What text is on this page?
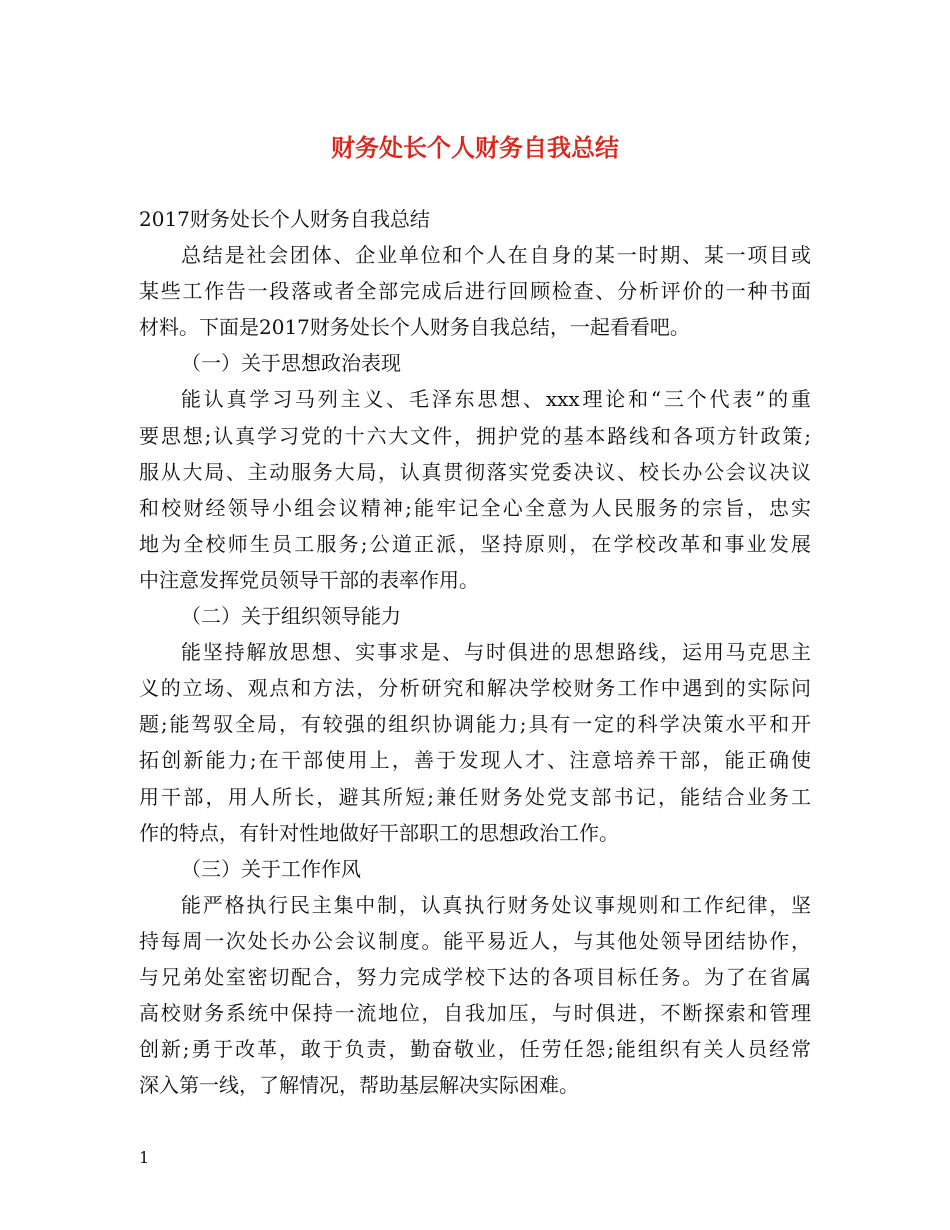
财务处长个人财务自我总结
2017财务处长个人财务自我总结
总结是社会团体、企业单位和个人在自身的某一时期、某一项目或
某些工作告一段落或者全部完成后进行回顾检查、分析评价的一种书面
材料。下面是2017财务处长个人财务自我总结，一起看看吧。
（一）关于思想政治表现
能认真学习马列主义、毛泽东思想、xxx理论和“三个代表”的重
要思想;认真学习党的十六大文件，拥护党的基本路线和各项方针政策;
服从大局、主动服务大局，认真贯彻落实党委决议、校长办公会议决议
和校财经领导小组会议精神;能牢记全心全意为人民服务的宗旨，忠实
地为全校师生员工服务;公道正派，坚持原则，在学校改革和事业发展
中注意发挥党员领导干部的表率作用。
（二）关于组织领导能力
能坚持解放思想、实事求是、与时俱进的思想路线，运用马克思主
义的立场、观点和方法，分析研究和解决学校财务工作中遇到的实际问
题;能驾驭全局，有较强的组织协调能力;具有一定的科学决策水平和开
拓创新能力;在干部使用上，善于发现人才、注意培养干部，能正确使
用干部，用人所长，避其所短;兼任财务处党支部书记，能结合业务工
作的特点，有针对性地做好干部职工的思想政治工作。
（三）关于工作作风
能严格执行民主集中制，认真执行财务处议事规则和工作纪律，坚
持每周一次处长办公会议制度。能平易近人，与其他处领导团结协作，
与兄弟处室密切配合，努力完成学校下达的各项目标任务。为了在省属
高校财务系统中保持一流地位，自我加压，与时俱进，不断探索和管理
创新;勇于改革，敢于负责，勤奋敬业，任劳任怨;能组织有关人员经常
深入第一线，了解情况，帮助基层解决实际困难。
1
